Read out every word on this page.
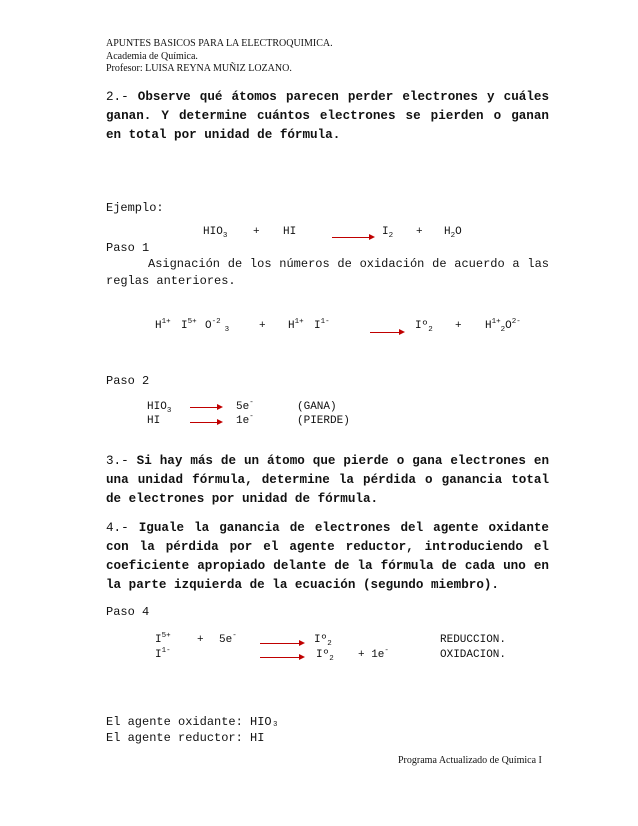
APUNTES BASICOS PARA LA ELECTROQUIMICA.
Academia de Química.
Profesor: LUISA REYNA MUÑIZ LOZANO.
2.- Observe qué átomos parecen perder electrones y cuáles ganan. Y determine cuántos electrones se pierden o ganan en total por unidad de fórmula.
Ejemplo:
$HIO_3$ + HI	$I_2 + H_2O$
Paso 1
Asignación de los números de oxidación de acuerdo a las reglas anteriores.
$H^{1+}$ $I^{5+}$ $O^{-2}_3$	+ $H^{1+}$ $I^{1-}$	Iº$_2$ + $H^{1+}_2O^{2-}$
Paso 2
$HIO_3$	5e-	(GANA)
HI	1e-	(PIERDE)
3.- Si hay más de un átomo que pierde o gana electrones en una unidad fórmula, determine la pérdida o ganancia total de electrones por unidad de fórmula.
4.- Iguale la ganancia de electrones del agente oxidante con la pérdida por el agente reductor, introduciendo el coeficiente apropiado delante de la fórmula de cada uno en la parte izquierda de la ecuación (segundo miembro).
Paso 4
$I^{5+} + 5e^-$	Iº$_2$	REDUCCION.
$I^{1-}$	Iº$_2$ + 1e-	OXIDACION.
El agente oxidante: HIO₃
El agente reductor: HI
Programa Actualizado de Química I
